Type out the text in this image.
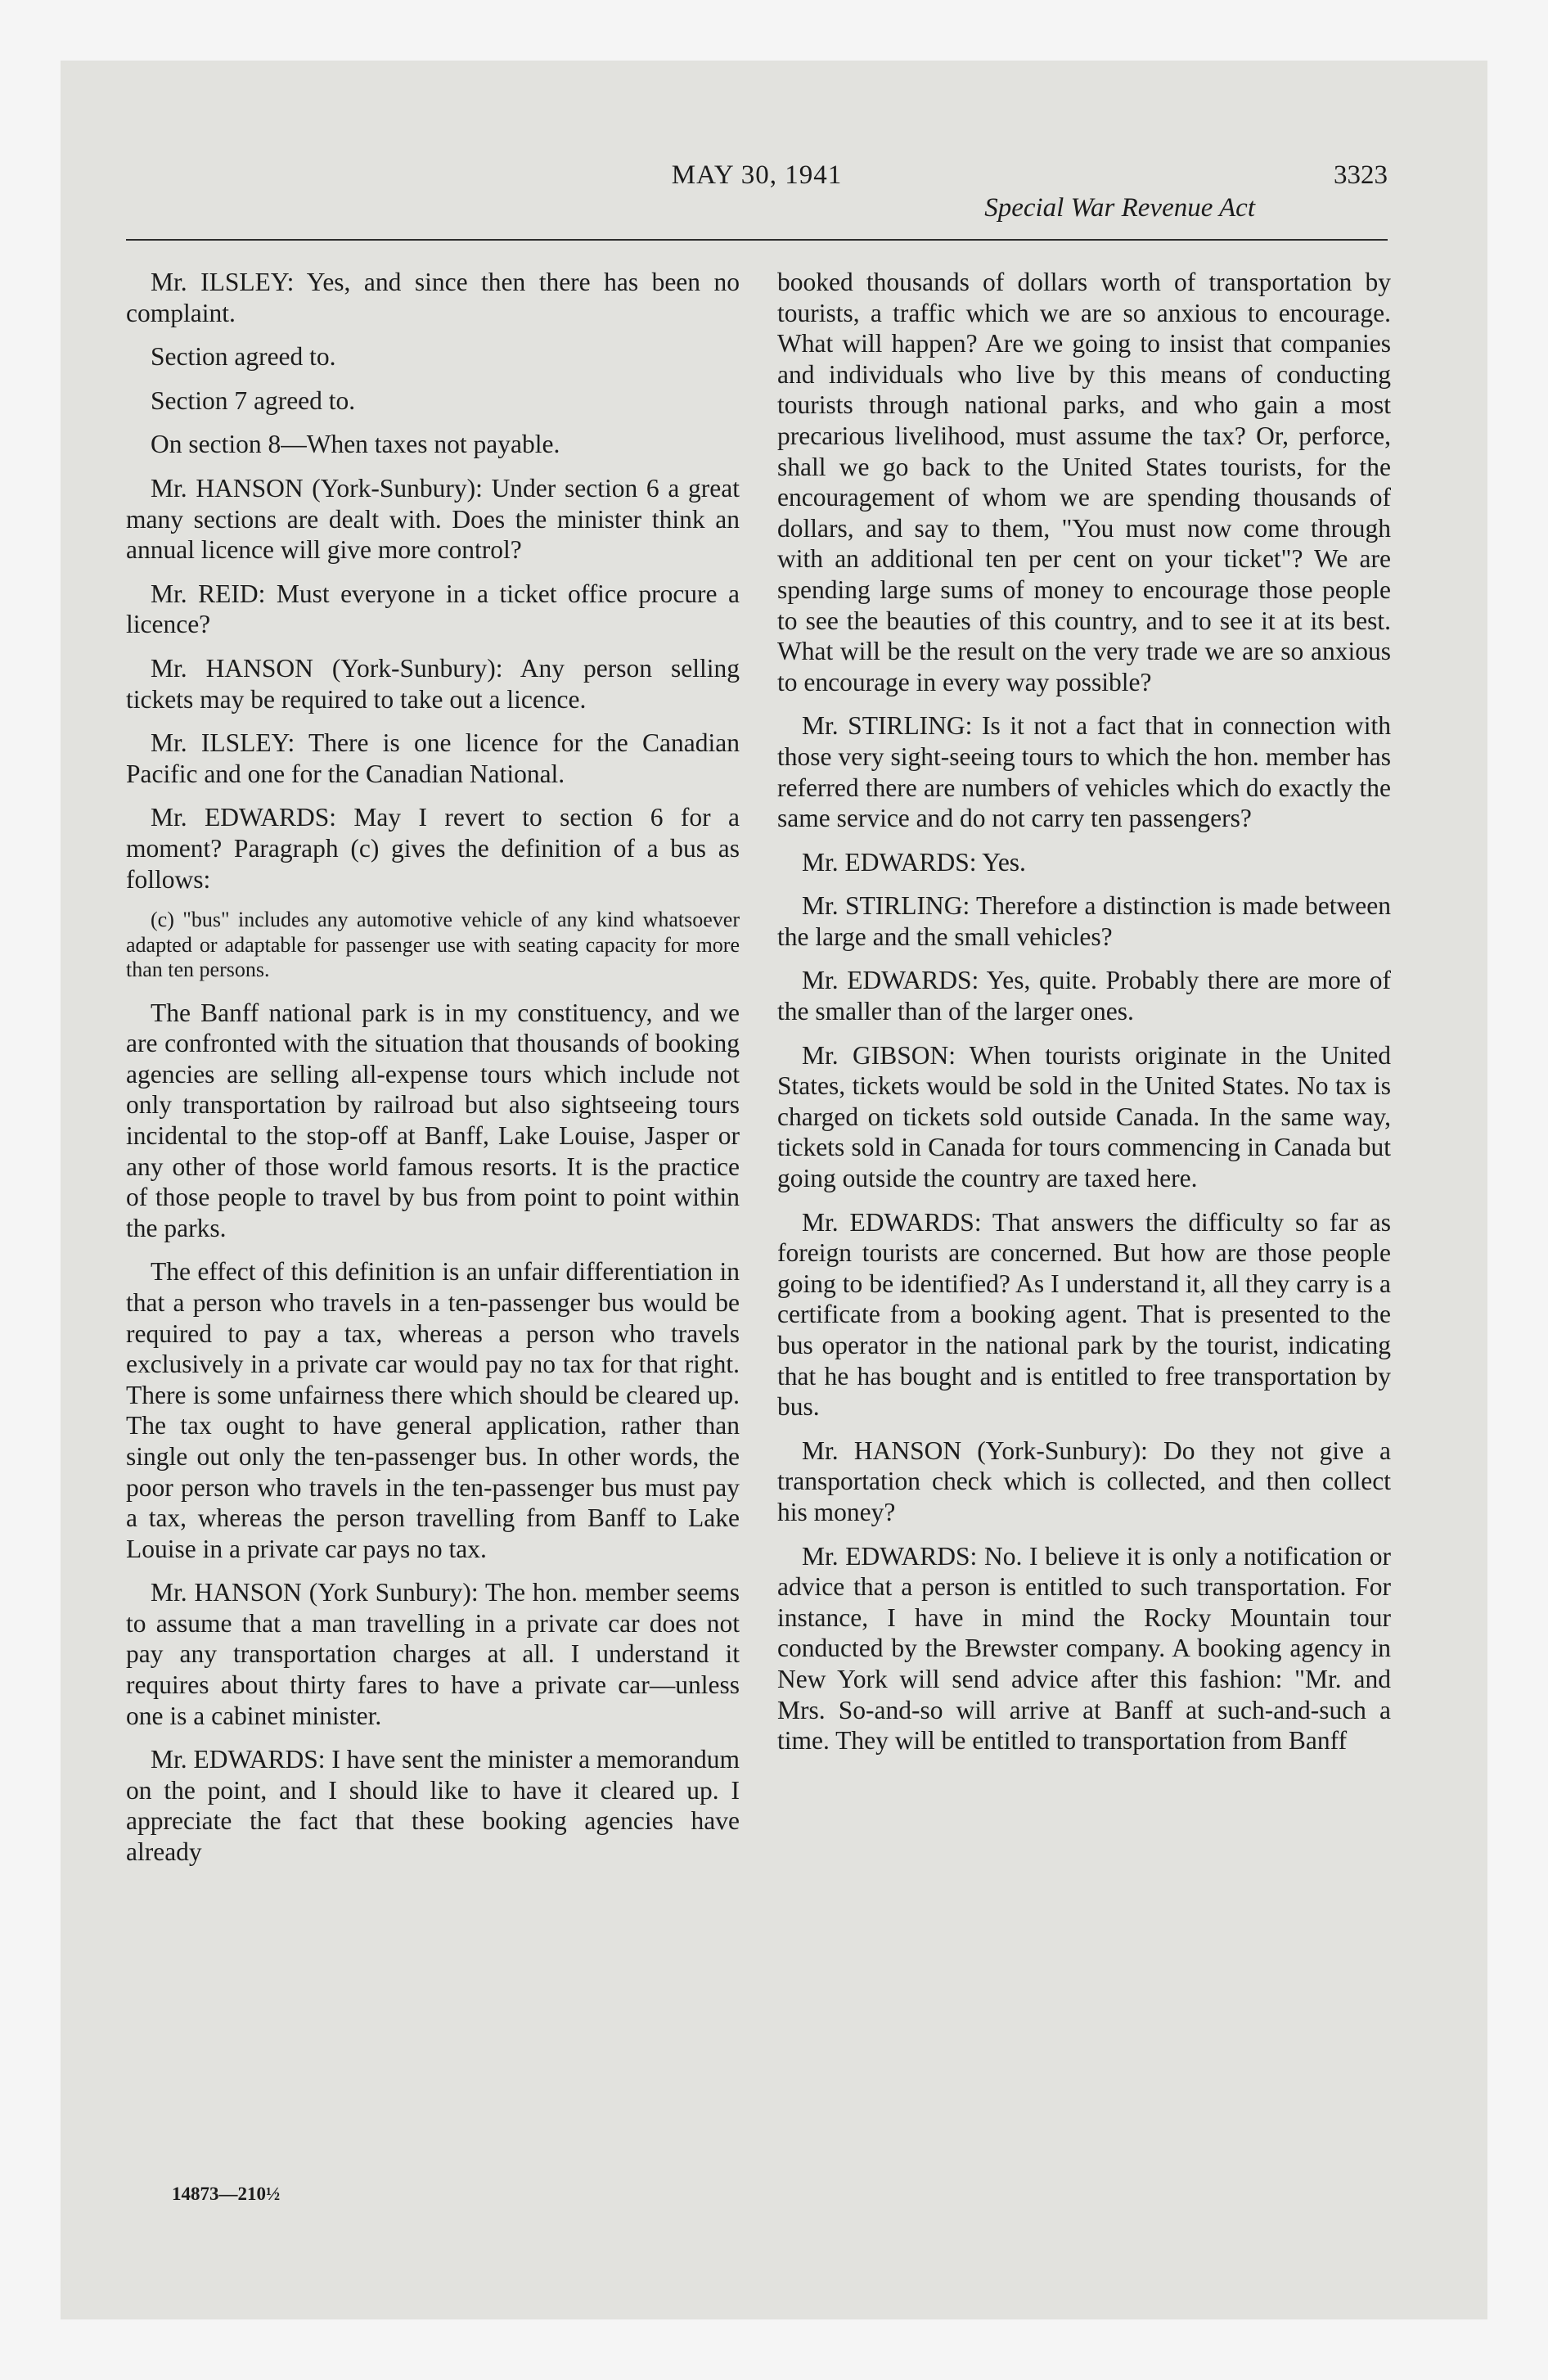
MAY 30, 1941	3323
Special War Revenue Act

Mr. ILSLEY: Yes, and since then there has been no complaint.

Section agreed to.

Section 7 agreed to.

On section 8—When taxes not payable.

Mr. HANSON (York-Sunbury): Under section 6 a great many sections are dealt with. Does the minister think an annual licence will give more control?

Mr. REID: Must everyone in a ticket office procure a licence?

Mr. HANSON (York-Sunbury): Any person selling tickets may be required to take out a licence.

Mr. ILSLEY: There is one licence for the Canadian Pacific and one for the Canadian National.

Mr. EDWARDS: May I revert to section 6 for a moment? Paragraph (c) gives the definition of a bus as follows:

(c) "bus" includes any automotive vehicle of any kind whatsoever adapted or adaptable for passenger use with seating capacity for more than ten persons.

The Banff national park is in my constituency, and we are confronted with the situation that thousands of booking agencies are selling all-expense tours which include not only transportation by railroad but also sightseeing tours incidental to the stop-off at Banff, Lake Louise, Jasper or any other of those world famous resorts. It is the practice of those people to travel by bus from point to point within the parks.

The effect of this definition is an unfair differentiation in that a person who travels in a ten-passenger bus would be required to pay a tax, whereas a person who travels exclusively in a private car would pay no tax for that right. There is some unfairness there which should be cleared up. The tax ought to have general application, rather than single out only the ten-passenger bus. In other words, the poor person who travels in the ten-passenger bus must pay a tax, whereas the person travelling from Banff to Lake Louise in a private car pays no tax.

Mr. HANSON (York Sunbury): The hon. member seems to assume that a man travelling in a private car does not pay any transportation charges at all. I understand it requires about thirty fares to have a private car—unless one is a cabinet minister.

Mr. EDWARDS: I have sent the minister a memorandum on the point, and I should like to have it cleared up. I appreciate the fact that these booking agencies have already

booked thousands of dollars worth of transportation by tourists, a traffic which we are so anxious to encourage. What will happen? Are we going to insist that companies and individuals who live by this means of conducting tourists through national parks, and who gain a most precarious livelihood, must assume the tax? Or, perforce, shall we go back to the United States tourists, for the encouragement of whom we are spending thousands of dollars, and say to them, "You must now come through with an additional ten per cent on your ticket"? We are spending large sums of money to encourage those people to see the beauties of this country, and to see it at its best. What will be the result on the very trade we are so anxious to encourage in every way possible?

Mr. STIRLING: Is it not a fact that in connection with those very sight-seeing tours to which the hon. member has referred there are numbers of vehicles which do exactly the same service and do not carry ten passengers?

Mr. EDWARDS: Yes.

Mr. STIRLING: Therefore a distinction is made between the large and the small vehicles?

Mr. EDWARDS: Yes, quite. Probably there are more of the smaller than of the larger ones.

Mr. GIBSON: When tourists originate in the United States, tickets would be sold in the United States. No tax is charged on tickets sold outside Canada. In the same way, tickets sold in Canada for tours commencing in Canada but going outside the country are taxed here.

Mr. EDWARDS: That answers the difficulty so far as foreign tourists are concerned. But how are those people going to be identified? As I understand it, all they carry is a certificate from a booking agent. That is presented to the bus operator in the national park by the tourist, indicating that he has bought and is entitled to free transportation by bus.

Mr. HANSON (York-Sunbury): Do they not give a transportation check which is collected, and then collect his money?

Mr. EDWARDS: No. I believe it is only a notification or advice that a person is entitled to such transportation. For instance, I have in mind the Rocky Mountain tour conducted by the Brewster company. A booking agency in New York will send advice after this fashion: "Mr. and Mrs. So-and-so will arrive at Banff at such-and-such a time. They will be entitled to transportation from Banff

14873—210½
